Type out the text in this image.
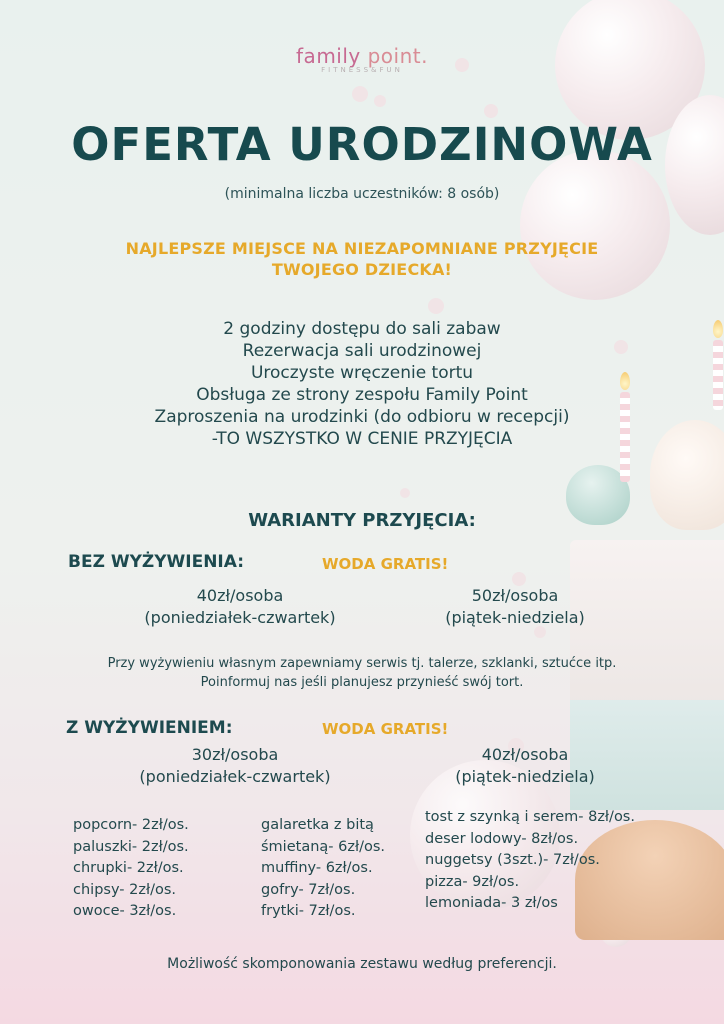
family point.
FITNESS&FUN
OFERTA URODZINOWA
(minimalna liczba uczestników: 8 osób)
NAJLEPSZE MIEJSCE NA NIEZAPOMNIANE PRZYJĘCIE
TWOJEGO DZIECKA!
2 godziny dostępu do sali zabaw
Rezerwacja sali urodzinowej
Uroczyste wręczenie tortu
Obsługa ze strony zespołu Family Point
Zaproszenia na urodzinki (do odbioru w recepcji)
-TO WSZYSTKO W CENIE PRZYJĘCIA
WARIANTY PRZYJĘCIA:
BEZ WYŻYWIENIA:	WODA GRATIS!
40zł/osoba
(poniedziałek-czwartek)
50zł/osoba
(piątek-niedziela)
Przy wyżywieniu własnym zapewniamy serwis tj. talerze, szklanki, sztućce itp.
Poinformuj nas jeśli planujesz przynieść swój tort.
Z WYŻYWIENIEM:	WODA GRATIS!
30zł/osoba
(poniedziałek-czwartek)
40zł/osoba
(piątek-niedziela)
popcorn- 2zł/os.
paluszki- 2zł/os.
chrupki- 2zł/os.
chipsy- 2zł/os.
owoce- 3zł/os.
galaretka z bitą
śmietaną- 6zł/os.
muffiny- 6zł/os.
gofry- 7zł/os.
frytki- 7zł/os.
tost z szynką i serem- 8zł/os.
deser lodowy- 8zł/os.
nuggetsy (3szt.)- 7zł/os.
pizza- 9zł/os.
lemoniada- 3 zł/os
Możliwość skomponowania zestawu według preferencji.
